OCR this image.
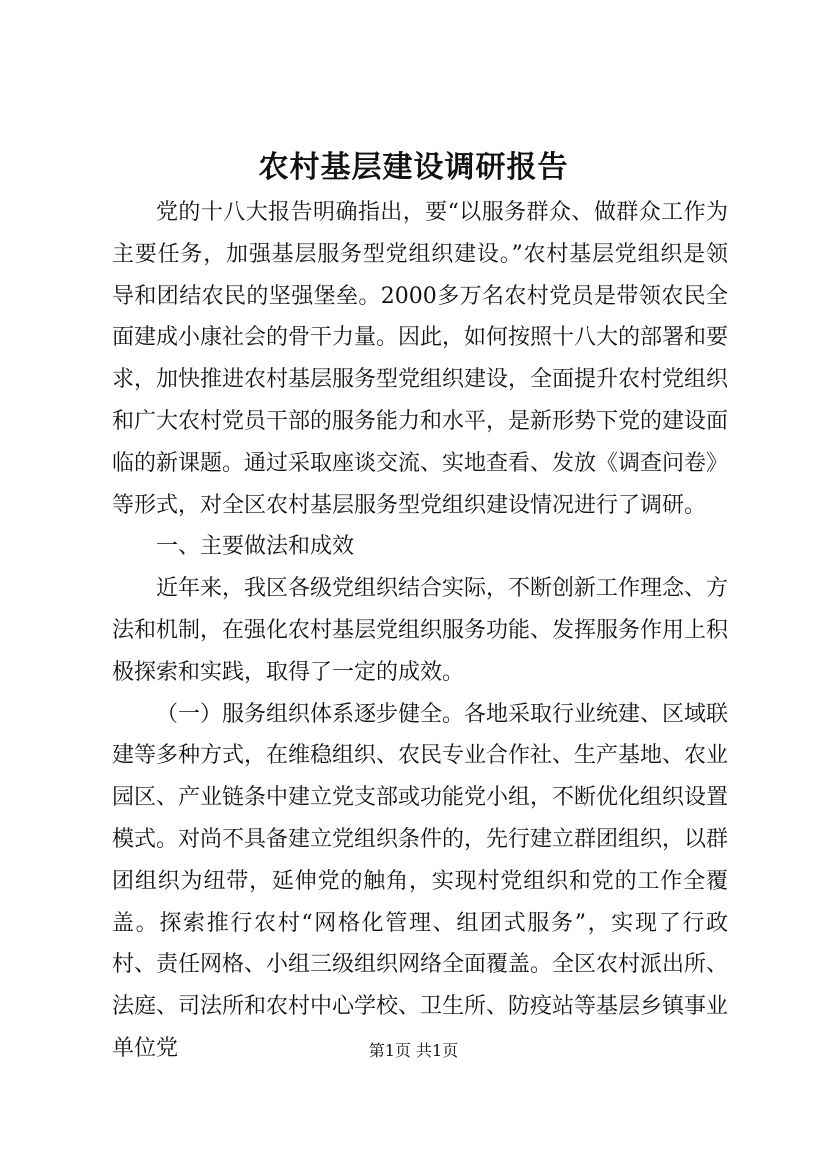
农村基层建设调研报告

党的十八大报告明确指出，要“以服务群众、做群众工作为主要任务，加强基层服务型党组织建设。”农村基层党组织是领导和团结农民的坚强堡垒。2000多万名农村党员是带领农民全面建成小康社会的骨干力量。因此，如何按照十八大的部署和要求，加快推进农村基层服务型党组织建设，全面提升农村党组织和广大农村党员干部的服务能力和水平，是新形势下党的建设面临的新课题。通过采取座谈交流、实地查看、发放《调查问卷》等形式，对全区农村基层服务型党组织建设情况进行了调研。

一、主要做法和成效

近年来，我区各级党组织结合实际，不断创新工作理念、方法和机制，在强化农村基层党组织服务功能、发挥服务作用上积极探索和实践，取得了一定的成效。

（一）服务组织体系逐步健全。各地采取行业统建、区域联建等多种方式，在维稳组织、农民专业合作社、生产基地、农业园区、产业链条中建立党支部或功能党小组，不断优化组织设置模式。对尚不具备建立党组织条件的，先行建立群团组织，以群团组织为纽带，延伸党的触角，实现村党组织和党的工作全覆盖。探索推行农村“网格化管理、组团式服务”，实现了行政村、责任网格、小组三级组织网络全面覆盖。全区农村派出所、法庭、司法所和农村中心学校、卫生所、防疫站等基层乡镇事业单位党	第1页 共1页
